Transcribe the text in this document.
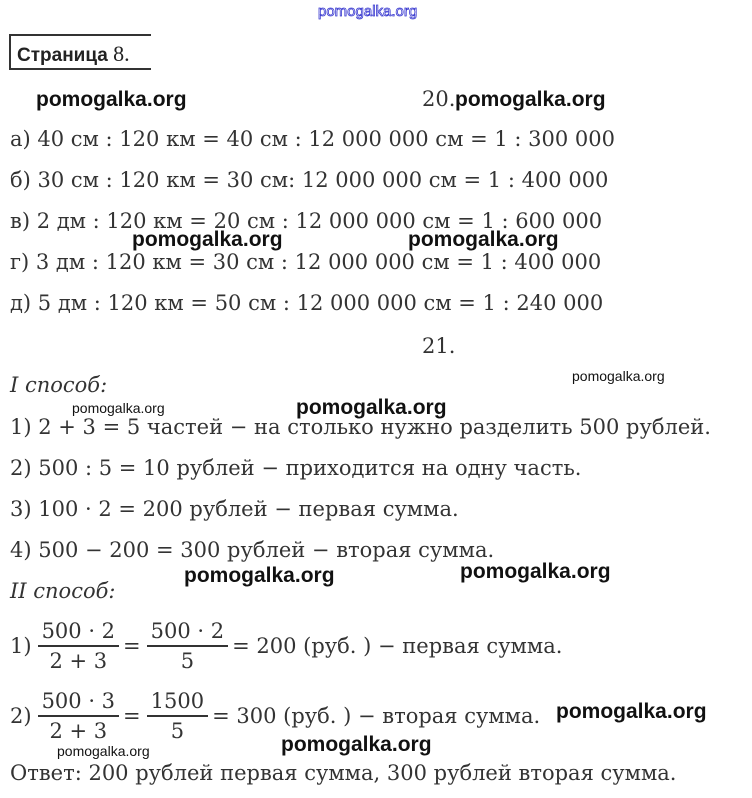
pomogalka.org
Страница 8.
20.
а) 40 см : 120 км = 40 см : 12 000 000 см = 1 : 300 000
б) 30 см : 120 км = 30 см: 12 000 000 см = 1 : 400 000
в) 2 дм : 120 км = 20 см : 12 000 000 см = 1 : 600 000
г) 3 дм : 120 км = 30 см : 12 000 000 см = 1 : 400 000
д) 5 дм : 120 км = 50 см : 12 000 000 см = 1 : 240 000
21.
I способ:
1) 2 + 3 = 5 частей − на столько нужно разделить 500 рублей.
2) 500 : 5 = 10 рублей − приходится на одну часть.
3) 100 · 2 = 200 рублей − первая сумма.
4) 500 − 200 = 300 рублей − вторая сумма.
II способ:
$1) \frac{500 \cdot 2}{2 + 3} = \frac{500 \cdot 2}{5} = 200$ (руб. ) − первая сумма.
$2) \frac{500 \cdot 3}{2 + 3} = \frac{1500}{5} = 300$ (руб. ) − вторая сумма.
Ответ: 200 рублей первая сумма, 300 рублей вторая сумма.
pomogalka.org	pomogalka.org
pomogalka.org	pomogalka.org
pomogalka.org
pomogalka.org	pomogalka.org
pomogalka.org	pomogalka.org
pomogalka.org
pomogalka.org
pomogalka.org
